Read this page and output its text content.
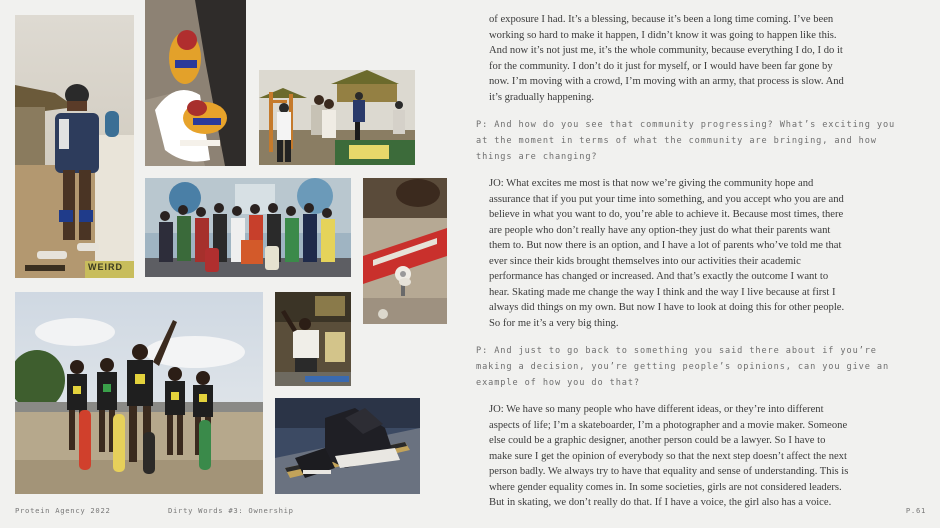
of exposure I had. It’s a blessing, because it’s been a long time coming. I’ve been working so hard to make it happen, I didn’t know it was going to happen like this. And now it’s not just me, it’s the whole community, because everything I do, I do it for the community. I don’t do it just for myself, or I would have been far gone by now. I’m moving with a crowd, I’m moving with an army, that process is slow. And it’s gradually happening.

P: And how do you see that community progressing? What’s exciting you at the moment in terms of what the community are bringing, and how things are changing?

JO: What excites me most is that now we’re giving the community hope and assurance that if you put your time into something, and you accept who you are and believe in what you want to do, you’re able to achieve it. Because most times, there are people who don’t really have any option-they just do what their parents want them to. But now there is an option, and I have a lot of parents who’ve told me that ever since their kids brought themselves into our activities their academic performance has changed or increased. And that’s exactly the outcome I want to hear. Skating made me change the way I think and the way I live because at first I always did things on my own. But now I have to look at doing this for other people. So for me it’s a very big thing.

P: And just to go back to something you said there about if you’re making a decision, you’re getting people’s opinions, can you give an example of how you do that?

JO: We have so many people who have different ideas, or they’re into different aspects of life; I’m a skateboarder, I’m a photographer and a movie maker. Someone else could be a graphic designer, another person could be a lawyer. So I have to make sure I get the opinion of everybody so that the next step doesn’t affect the next person badly. We always try to have that equality and sense of understanding. This is where gender equality comes in. In some societies, girls are not considered leaders. But in skating, we don’t really do that. If I have a voice, the girl also has a voice.

Protein Agency 2022	Dirty Words #3: Ownership	P.61
WEIRD
